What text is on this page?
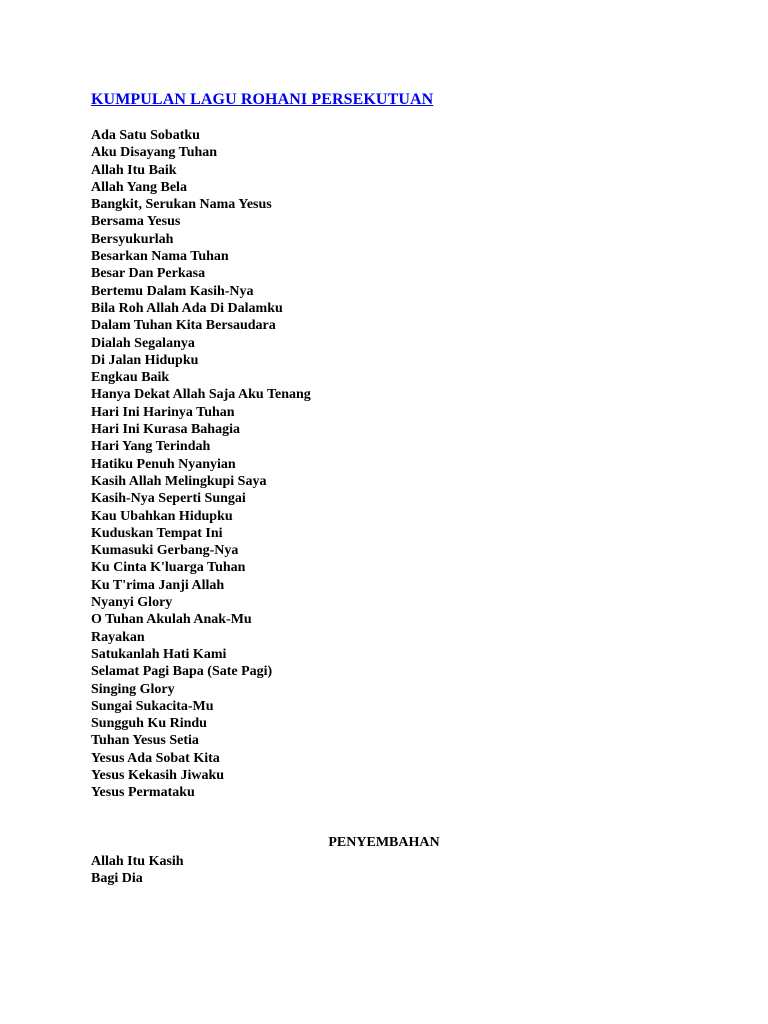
KUMPULAN LAGU ROHANI PERSEKUTUAN
Ada Satu Sobatku
Aku Disayang Tuhan
Allah Itu Baik
Allah Yang Bela
Bangkit, Serukan Nama Yesus
Bersama Yesus
Bersyukurlah
Besarkan Nama Tuhan
Besar Dan Perkasa
Bertemu Dalam Kasih-Nya
Bila Roh Allah Ada Di Dalamku
Dalam Tuhan Kita Bersaudara
Dialah Segalanya
Di Jalan Hidupku
Engkau Baik
Hanya Dekat Allah Saja Aku Tenang
Hari Ini Harinya Tuhan
Hari Ini Kurasa Bahagia
Hari Yang Terindah
Hatiku Penuh Nyanyian
Kasih Allah Melingkupi Saya
Kasih-Nya Seperti Sungai
Kau Ubahkan Hidupku
Kuduskan Tempat Ini
Kumasuki Gerbang-Nya
Ku Cinta K'luarga Tuhan
Ku T'rima Janji Allah
Nyanyi Glory
O Tuhan Akulah Anak-Mu
Rayakan
Satukanlah Hati Kami
Selamat Pagi Bapa (Sate Pagi)
Singing Glory
Sungai Sukacita-Mu
Sungguh Ku Rindu
Tuhan Yesus Setia
Yesus Ada Sobat Kita
Yesus Kekasih Jiwaku
Yesus Permataku
PENYEMBAHAN
Allah Itu Kasih
Bagi Dia
